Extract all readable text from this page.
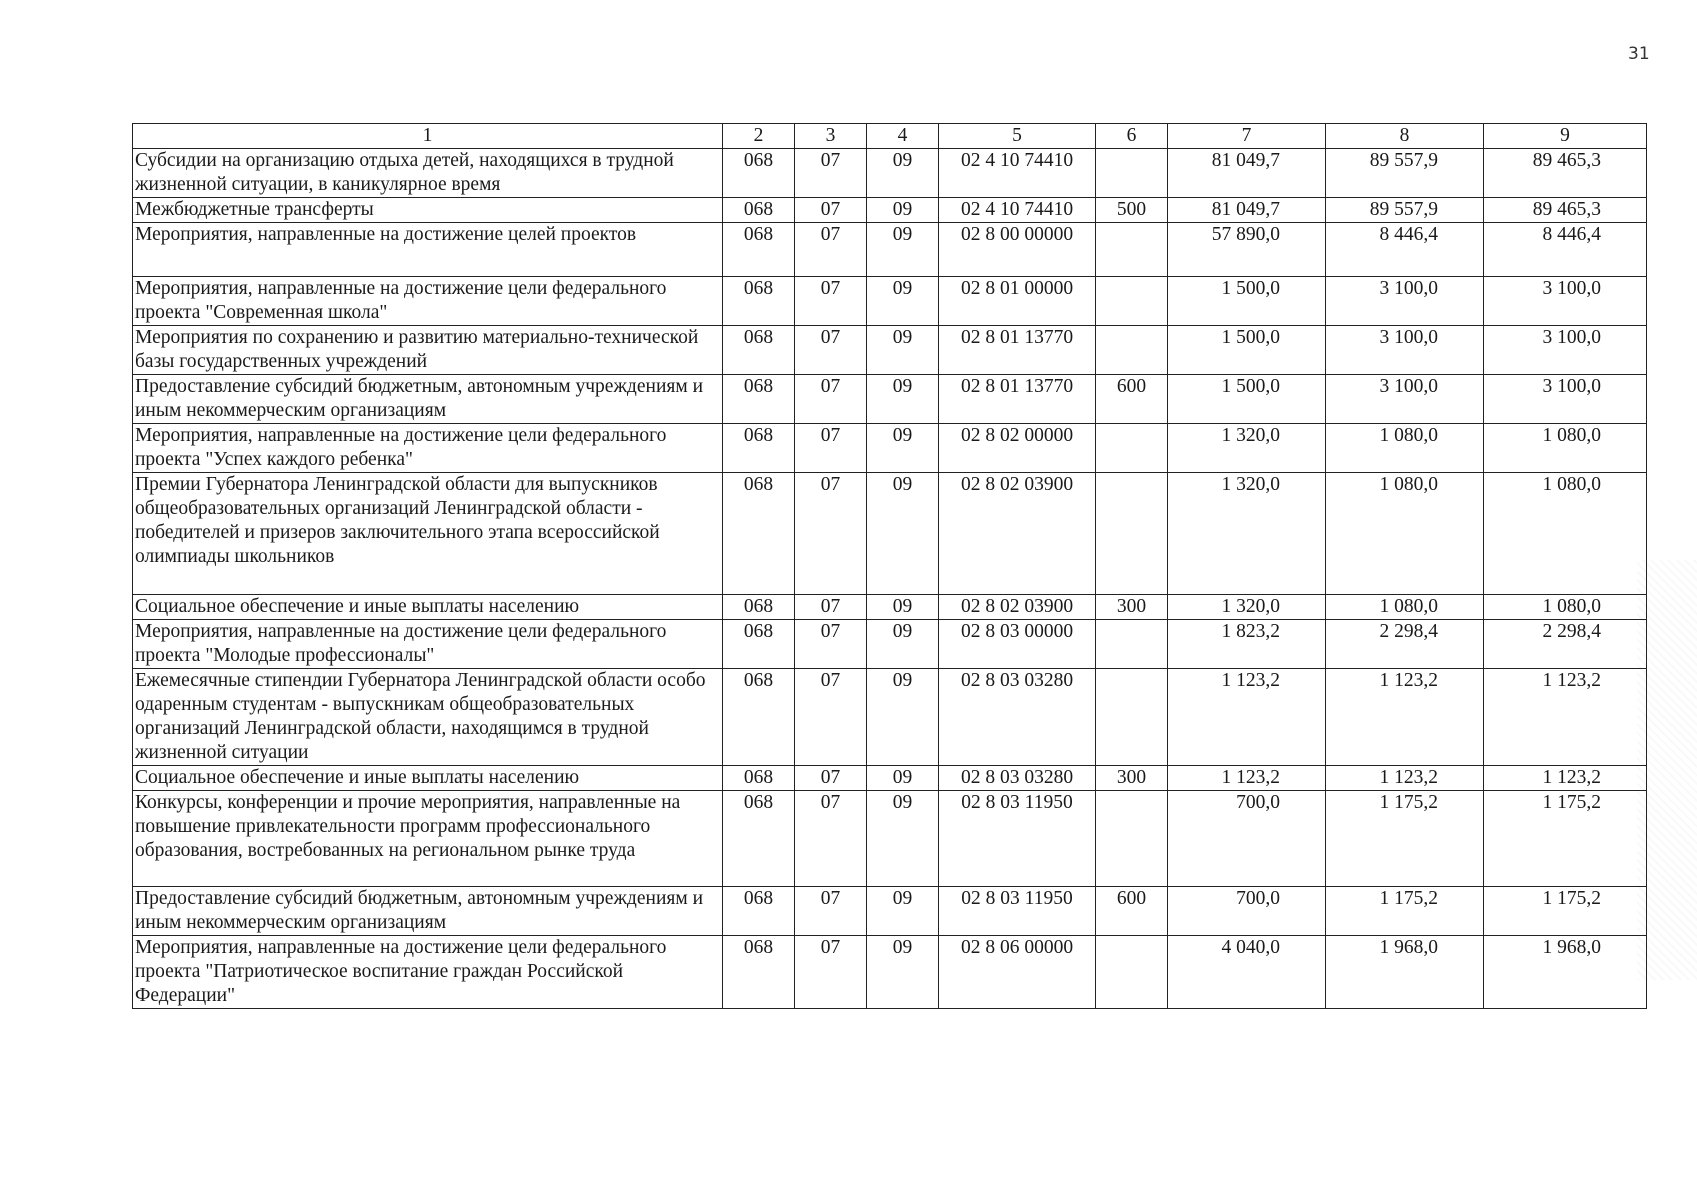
31
1	2	3	4	5	6	7	8	9
Субсидии на организацию отдыха детей, находящихся в трудной жизненной ситуации, в каникулярное время	068	07	09	02 4 10 74410		81 049,7	89 557,9	89 465,3
Межбюджетные трансферты	068	07	09	02 4 10 74410	500	81 049,7	89 557,9	89 465,3
Мероприятия, направленные на достижение целей проектов	068	07	09	02 8 00 00000		57 890,0	8 446,4	8 446,4
Мероприятия, направленные на достижение цели федерального проекта "Современная школа"	068	07	09	02 8 01 00000		1 500,0	3 100,0	3 100,0
Мероприятия по сохранению и развитию материально-технической базы государственных учреждений	068	07	09	02 8 01 13770		1 500,0	3 100,0	3 100,0
Предоставление субсидий бюджетным, автономным учреждениям и иным некоммерческим организациям	068	07	09	02 8 01 13770	600	1 500,0	3 100,0	3 100,0
Мероприятия, направленные на достижение цели федерального проекта "Успех каждого ребенка"	068	07	09	02 8 02 00000		1 320,0	1 080,0	1 080,0
Премии Губернатора Ленинградской области для выпускников общеобразовательных организаций Ленинградской области - победителей и призеров заключительного этапа всероссийской олимпиады школьников	068	07	09	02 8 02 03900		1 320,0	1 080,0	1 080,0
Социальное обеспечение и иные выплаты населению	068	07	09	02 8 02 03900	300	1 320,0	1 080,0	1 080,0
Мероприятия, направленные на достижение цели федерального проекта "Молодые профессионалы"	068	07	09	02 8 03 00000		1 823,2	2 298,4	2 298,4
Ежемесячные стипендии Губернатора Ленинградской области особо одаренным студентам - выпускникам общеобразовательных организаций Ленинградской области, находящимся в трудной жизненной ситуации	068	07	09	02 8 03 03280		1 123,2	1 123,2	1 123,2
Социальное обеспечение и иные выплаты населению	068	07	09	02 8 03 03280	300	1 123,2	1 123,2	1 123,2
Конкурсы, конференции и прочие мероприятия, направленные на повышение привлекательности программ профессионального образования, востребованных на региональном рынке труда	068	07	09	02 8 03 11950		700,0	1 175,2	1 175,2
Предоставление субсидий бюджетным, автономным учреждениям и иным некоммерческим организациям	068	07	09	02 8 03 11950	600	700,0	1 175,2	1 175,2
Мероприятия, направленные на достижение цели федерального проекта "Патриотическое воспитание граждан Российской Федерации"	068	07	09	02 8 06 00000		4 040,0	1 968,0	1 968,0
